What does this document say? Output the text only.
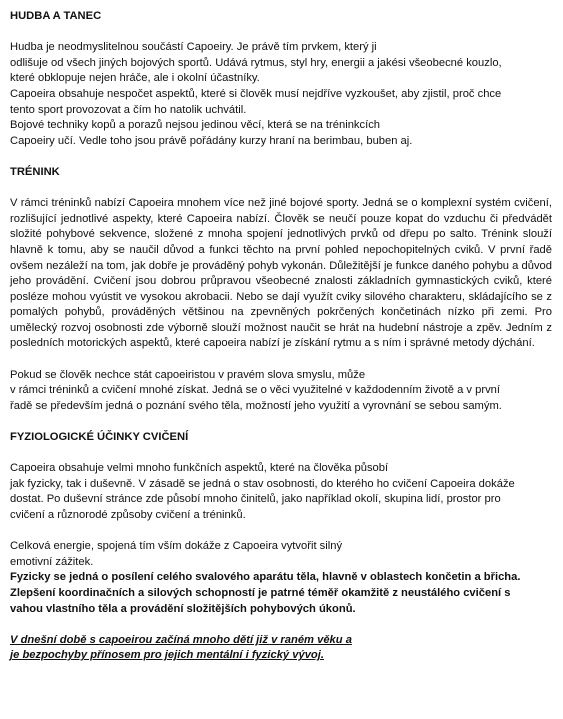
HUDBA A TANEC

Hudba je neodmyslitelnou součástí Capoeiry. Je právě tím prvkem, který ji
odlišuje od všech jiných bojových sportů. Udává rytmus, styl hry, energii a jakési všeobecné kouzlo,
které obklopuje nejen hráče, ale i okolní účastníky.
Capoeira obsahuje nespočet aspektů, které si člověk musí nejdříve vyzkoušet, aby zjistil, proč chce
tento sport provozovat a čím ho natolik uchvátil.
Bojové techniky kopů a porazů nejsou jedinou věcí, která se na tréninkcích
Capoeiry učí. Vedle toho jsou právě pořádány kurzy hraní na berimbau, buben aj.

TRÉNINK

V rámci tréninků nabízí Capoeira mnohem více než jiné bojové sporty. Jedná se o komplexní systém cvičení, rozlišující jednotlivé aspekty, které Capoeira nabízí. Člověk se neučí pouze kopat do vzduchu či předvádět složité pohybové sekvence, složené z mnoha spojení jednotlivých prvků od dřepu po salto. Trénink slouží hlavně k tomu, aby se naučil důvod a funkci těchto na první pohled nepochopitelných cviků. V první řadě ovšem nezáleží na tom, jak dobře je prováděný pohyb vykonán. Důležitější je funkce daného pohybu a důvod jeho provádění. Cvičení jsou dobrou průpravou všeobecné znalosti základních gymnastických cviků, které posléze mohou vyústit ve vysokou akrobacii. Nebo se dají využít cviky silového charakteru, skládajícího se z pomalých pohybů, prováděných většinou na zpevněných pokrčených končetinách nízko při zemi. Pro umělecký rozvoj osobnosti zde výborně slouží možnost naučit se hrát na hudební nástroje a zpěv. Jedním z posledních motorických aspektů, které capoeira nabízí je získání rytmu a s ním i správné metody dýchání.

Pokud se člověk nechce stát capoeiristou v pravém slova smyslu, může
v rámci tréninků a cvičení mnohé získat. Jedná se o věci využitelné v každodenním životě a v první
řadě se především jedná o poznání svého těla, možností jeho využití a vyrovnání se sebou samým.

FYZIOLOGICKÉ ÚČINKY CVIČENÍ

Capoeira obsahuje velmi mnoho funkčních aspektů, které na člověka působí
jak fyzicky, tak i duševně. V zásadě se jedná o stav osobnosti, do kterého ho cvičení Capoeira dokáže
dostat. Po duševní stránce zde působí mnoho činitelů, jako například okolí, skupina lidí, prostor pro
cvičení a různorodé způsoby cvičení a tréninků.
Celková energie, spojená tím vším dokáže z Capoeira vytvořit silný
emotivní zážitek.
Fyzicky se jedná o posílení celého svalového aparátu těla, hlavně v oblastech končetin a břicha.
Zlepšení koordinačních a silových schopností je patrné téměř okamžitě z neustálého cvičení s
vahou vlastního těla a provádění složitějších pohybových úkonů.
V dnešní době s capoeirou začíná mnoho dětí již v raném věku a
je bezpochyby přínosem pro jejich mentální i fyzický vývoj.
